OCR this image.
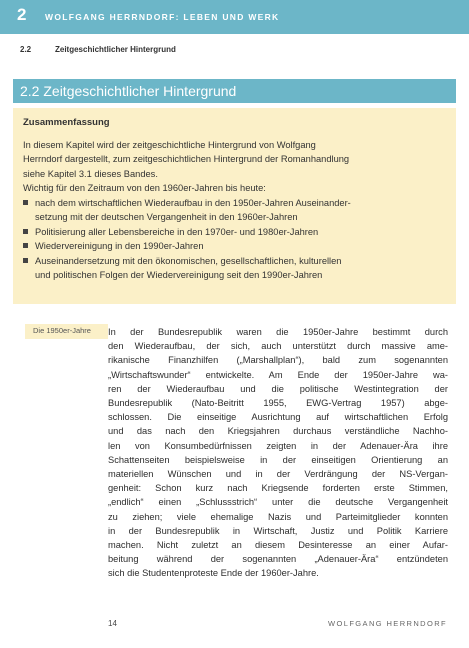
2 WOLFGANG HERRNDORF: LEBEN UND WERK
2.2	Zeitgeschichtlicher Hintergrund
2.2 Zeitgeschichtlicher Hintergrund
Zusammenfassung
In diesem Kapitel wird der zeitgeschichtliche Hintergrund von Wolfgang
Herrndorf dargestellt, zum zeitgeschichtlichen Hintergrund der Romanhandlung
siehe Kapitel 3.1 dieses Bandes.
Wichtig für den Zeitraum von den 1960er-Jahren bis heute:
nach dem wirtschaftlichen Wiederaufbau in den 1950er-Jahren Auseinander-
setzung mit der deutschen Vergangenheit in den 1960er-Jahren
Politisierung aller Lebensbereiche in den 1970er- und 1980er-Jahren
Wiedervereinigung in den 1990er-Jahren
Auseinandersetzung mit den ökonomischen, gesellschaftlichen, kulturellen
und politischen Folgen der Wiedervereinigung seit den 1990er-Jahren
Die 1950er-Jahre In der Bundesrepublik waren die 1950er-Jahre bestimmt durch
den Wiederaufbau, der sich, auch unterstützt durch massive ame-
rikanische Finanzhilfen („Marshallplan“), bald zum sogenannten
„Wirtschaftswunder“ entwickelte. Am Ende der 1950er-Jahre wa-
ren der Wiederaufbau und die politische Westintegration der
Bundesrepublik (Nato-Beitritt 1955, EWG-Vertrag 1957) abge-
schlossen. Die einseitige Ausrichtung auf wirtschaftlichen Erfolg
und das nach den Kriegsjahren durchaus verständliche Nachho-
len von Konsumbedürfnissen zeigten in der Adenauer-Ära ihre
Schattenseiten beispielsweise in der einseitigen Orientierung an
materiellen Wünschen und in der Verdrängung der NS-Vergan-
genheit: Schon kurz nach Kriegsende forderten erste Stimmen,
„endlich“ einen „Schlussstrich“ unter die deutsche Vergangenheit
zu ziehen; viele ehemalige Nazis und Parteimitglieder konnten
in der Bundesrepublik in Wirtschaft, Justiz und Politik Karriere
machen. Nicht zuletzt an diesem Desinteresse an einer Aufar-
beitung während der sogenannten „Adenauer-Ära“ entzündeten
sich die Studentenproteste Ende der 1960er-Jahre.
14	WOLFGANG HERRNDORF
